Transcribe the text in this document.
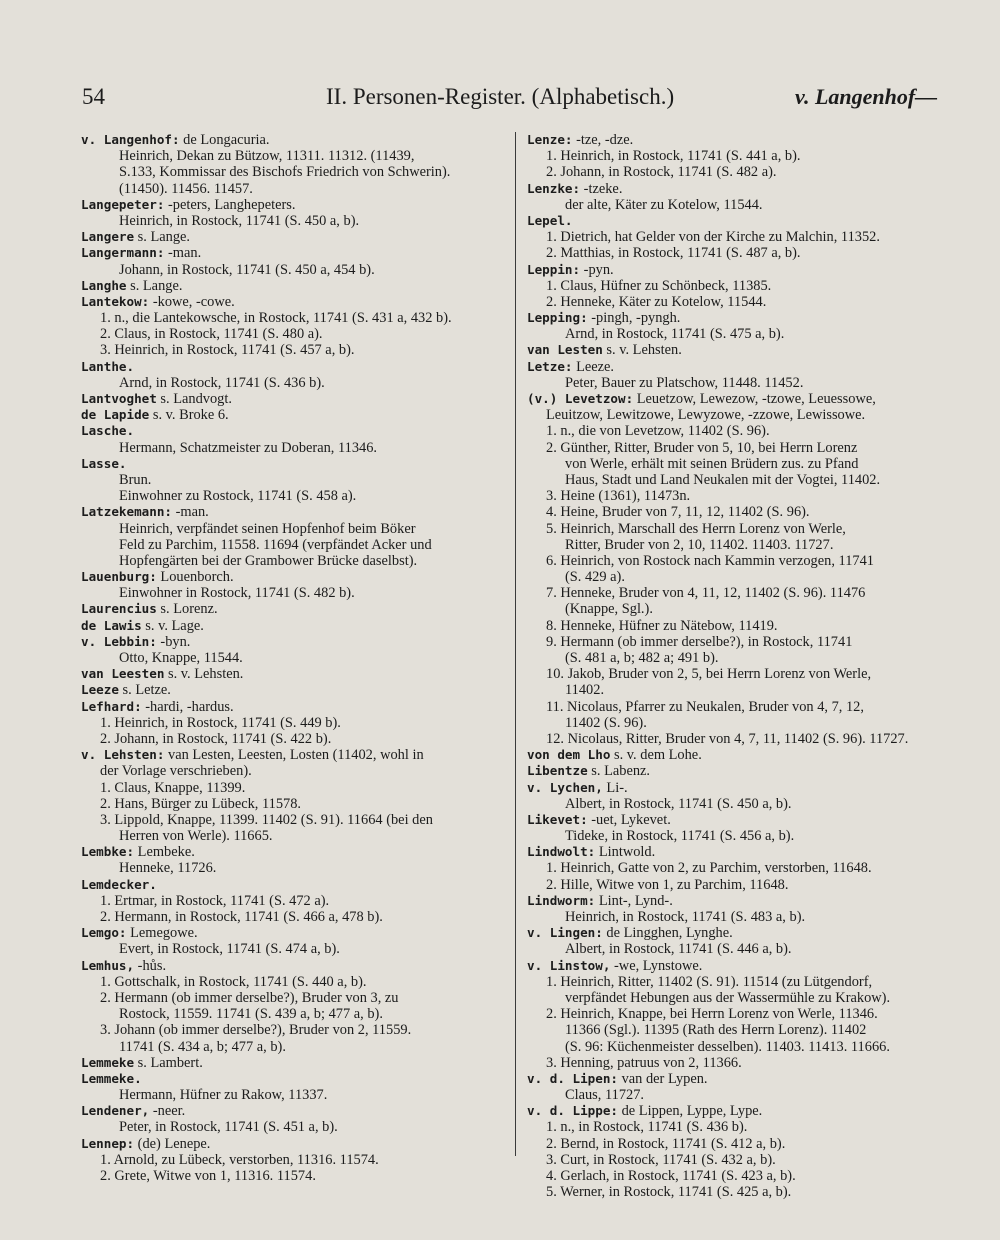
54	II. Personen-Register. (Alphabetisch.)	v. Langenhof—
v. Langenhof: de Longacuria.
Heinrich, Dekan zu Bützow, 11311. 11312. (11439,
S.133, Kommissar des Bischofs Friedrich von Schwerin).
(11450). 11456. 11457.
Langepeter: -peters, Langhepeters.
Heinrich, in Rostock, 11741 (S. 450 a, b).
Langere s. Lange.
Langermann: -man.
Johann, in Rostock, 11741 (S. 450 a, 454 b).
Langhe s. Lange.
Lantekow: -kowe, -cowe.
1. n., die Lantekowsche, in Rostock, 11741 (S. 431 a, 432 b).
2. Claus, in Rostock, 11741 (S. 480 a).
3. Heinrich, in Rostock, 11741 (S. 457 a, b).
Lanthe.
Arnd, in Rostock, 11741 (S. 436 b).
Lantvoghet s. Landvogt.
de Lapide s. v. Broke 6.
Lasche.
Hermann, Schatzmeister zu Doberan, 11346.
Lasse.
Brun.
Einwohner zu Rostock, 11741 (S. 458 a).
Latzekemann: -man.
Heinrich, verpfändet seinen Hopfenhof beim Böker
Feld zu Parchim, 11558. 11694 (verpfändet Acker und
Hopfengärten bei der Grambower Brücke daselbst).
Lauenburg: Louenborch.
Einwohner in Rostock, 11741 (S. 482 b).
Laurencius s. Lorenz.
de Lawis s. v. Lage.
v. Lebbin: -byn.
Otto, Knappe, 11544.
van Leesten s. v. Lehsten.
Leeze s. Letze.
Lefhard: -hardi, -hardus.
1. Heinrich, in Rostock, 11741 (S. 449 b).
2. Johann, in Rostock, 11741 (S. 422 b).
v. Lehsten: van Lesten, Leesten, Losten (11402, wohl in
der Vorlage verschrieben).
1. Claus, Knappe, 11399.
2. Hans, Bürger zu Lübeck, 11578.
3. Lippold, Knappe, 11399. 11402 (S. 91). 11664 (bei den
Herren von Werle). 11665.
Lembke: Lembeke.
Henneke, 11726.
Lemdecker.
1. Ertmar, in Rostock, 11741 (S. 472 a).
2. Hermann, in Rostock, 11741 (S. 466 a, 478 b).
Lemgo: Lemegowe.
Evert, in Rostock, 11741 (S. 474 a, b).
Lemhus, -hůs.
1. Gottschalk, in Rostock, 11741 (S. 440 a, b).
2. Hermann (ob immer derselbe?), Bruder von 3, zu
Rostock, 11559. 11741 (S. 439 a, b; 477 a, b).
3. Johann (ob immer derselbe?), Bruder von 2, 11559.
11741 (S. 434 a, b; 477 a, b).
Lemmeke s. Lambert.
Lemmeke.
Hermann, Hüfner zu Rakow, 11337.
Lendener, -neer.
Peter, in Rostock, 11741 (S. 451 a, b).
Lennep: (de) Lenepe.
1. Arnold, zu Lübeck, verstorben, 11316. 11574.
2. Grete, Witwe von 1, 11316. 11574.
Lenze: -tze, -dze.
1. Heinrich, in Rostock, 11741 (S. 441 a, b).
2. Johann, in Rostock, 11741 (S. 482 a).
Lenzke: -tzeke.
der alte, Käter zu Kotelow, 11544.
Lepel.
1. Dietrich, hat Gelder von der Kirche zu Malchin, 11352.
2. Matthias, in Rostock, 11741 (S. 487 a, b).
Leppin: -pyn.
1. Claus, Hüfner zu Schönbeck, 11385.
2. Henneke, Käter zu Kotelow, 11544.
Lepping: -pingh, -pyngh.
Arnd, in Rostock, 11741 (S. 475 a, b).
van Lesten s. v. Lehsten.
Letze: Leeze.
Peter, Bauer zu Platschow, 11448. 11452.
(v.) Levetzow: Leuetzow, Lewezow, -tzowe, Leuessowe,
Leuitzow, Lewitzowe, Lewyzowe, -zzowe, Lewissowe.
1. n., die von Levetzow, 11402 (S. 96).
2. Günther, Ritter, Bruder von 5, 10, bei Herrn Lorenz
von Werle, erhält mit seinen Brüdern zus. zu Pfand
Haus, Stadt und Land Neukalen mit der Vogtei, 11402.
3. Heine (1361), 11473n.
4. Heine, Bruder von 7, 11, 12, 11402 (S. 96).
5. Heinrich, Marschall des Herrn Lorenz von Werle,
Ritter, Bruder von 2, 10, 11402. 11403. 11727.
6. Heinrich, von Rostock nach Kammin verzogen, 11741
(S. 429 a).
7. Henneke, Bruder von 4, 11, 12, 11402 (S. 96). 11476
(Knappe, Sgl.).
8. Henneke, Hüfner zu Nätebow, 11419.
9. Hermann (ob immer derselbe?), in Rostock, 11741
(S. 481 a, b; 482 a; 491 b).
10. Jakob, Bruder von 2, 5, bei Herrn Lorenz von Werle,
11402.
11. Nicolaus, Pfarrer zu Neukalen, Bruder von 4, 7, 12,
11402 (S. 96).
12. Nicolaus, Ritter, Bruder von 4, 7, 11, 11402 (S. 96). 11727.
von dem Lho s. v. dem Lohe.
Libentze s. Labenz.
v. Lychen, Li-.
Albert, in Rostock, 11741 (S. 450 a, b).
Likevet: -uet, Lykevet.
Tideke, in Rostock, 11741 (S. 456 a, b).
Lindwolt: Lintwold.
1. Heinrich, Gatte von 2, zu Parchim, verstorben, 11648.
2. Hille, Witwe von 1, zu Parchim, 11648.
Lindworm: Lint-, Lynd-.
Heinrich, in Rostock, 11741 (S. 483 a, b).
v. Lingen: de Lingghen, Lynghe.
Albert, in Rostock, 11741 (S. 446 a, b).
v. Linstow, -we, Lynstowe.
1. Heinrich, Ritter, 11402 (S. 91). 11514 (zu Lütgendorf,
verpfändet Hebungen aus der Wassermühle zu Krakow).
2. Heinrich, Knappe, bei Herrn Lorenz von Werle, 11346.
11366 (Sgl.). 11395 (Rath des Herrn Lorenz). 11402
(S. 96: Küchenmeister desselben). 11403. 11413. 11666.
3. Henning, patruus von 2, 11366.
v. d. Lipen: van der Lypen.
Claus, 11727.
v. d. Lippe: de Lippen, Lyppe, Lype.
1. n., in Rostock, 11741 (S. 436 b).
2. Bernd, in Rostock, 11741 (S. 412 a, b).
3. Curt, in Rostock, 11741 (S. 432 a, b).
4. Gerlach, in Rostock, 11741 (S. 423 a, b).
5. Werner, in Rostock, 11741 (S. 425 a, b).
